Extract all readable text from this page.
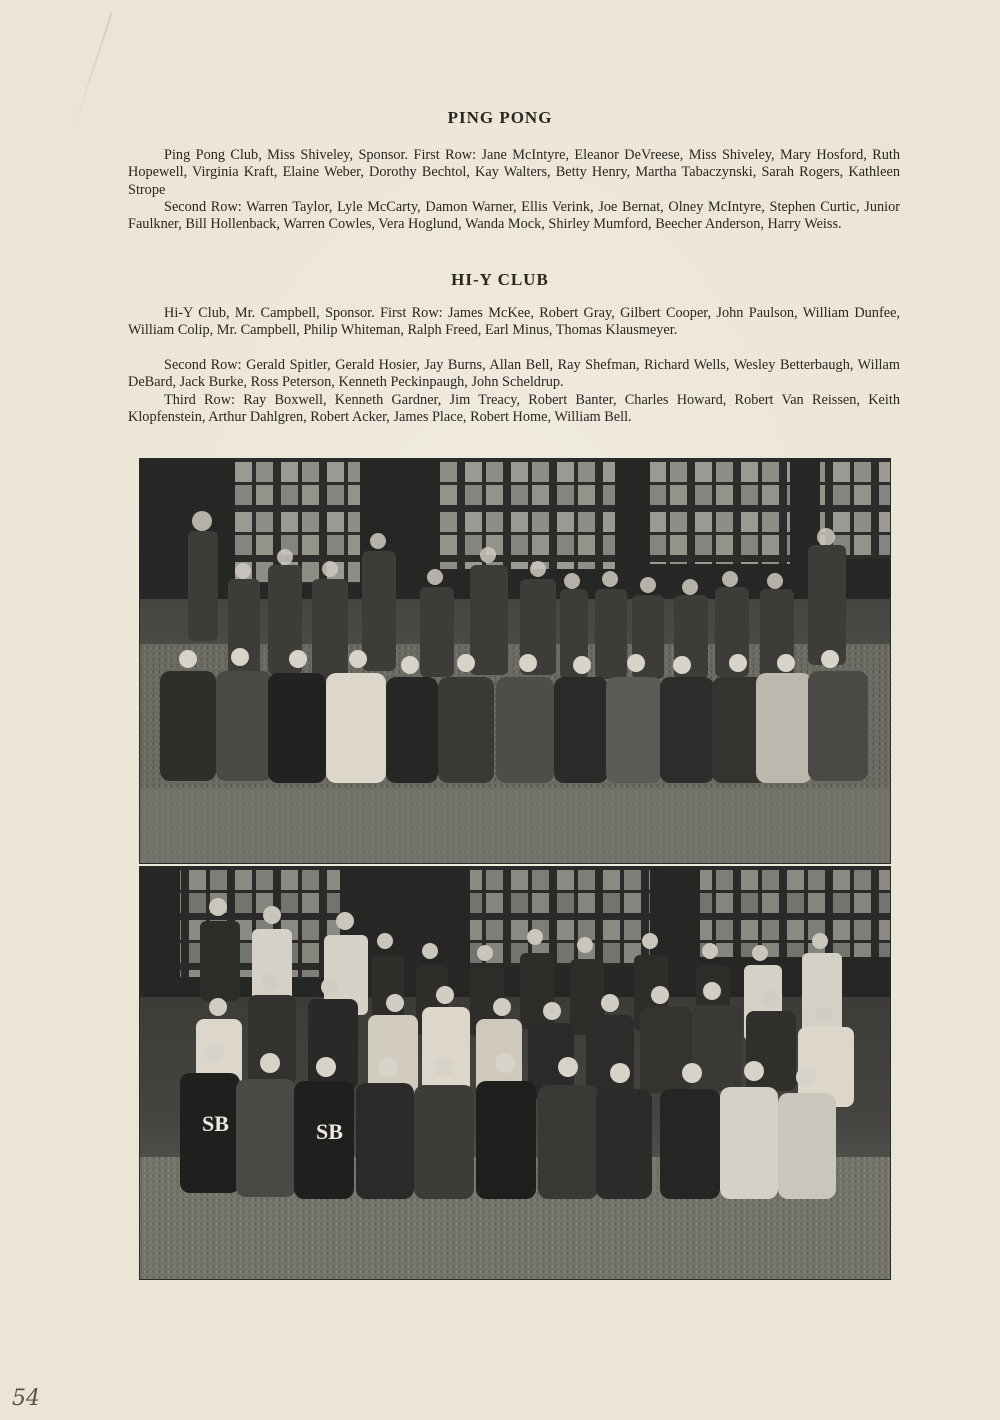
PING PONG

Ping Pong Club, Miss Shiveley, Sponsor. First Row: Jane McIntyre, Eleanor DeVreese, Miss Shiveley, Mary Hosford, Ruth Hopewell, Virginia Kraft, Elaine Weber, Dorothy Bechtol, Kay Walters, Betty Henry, Martha Tabaczynski, Sarah Rogers, Kathleen Strope

Second Row: Warren Taylor, Lyle McCarty, Damon Warner, Ellis Verink, Joe Bernat, Olney McIntyre, Stephen Curtic, Junior Faulkner, Bill Hollenback, Warren Cowles, Vera Hoglund, Wanda Mock, Shirley Mumford, Beecher Anderson, Harry Weiss.

HI-Y CLUB

Hi-Y Club, Mr. Campbell, Sponsor. First Row: James McKee, Robert Gray, Gilbert Cooper, John Paulson, William Dunfee, William Colip, Mr. Campbell, Philip Whiteman, Ralph Freed, Earl Minus, Thomas Klausmeyer.

Second Row: Gerald Spitler, Gerald Hosier, Jay Burns, Allan Bell, Ray Shefman, Richard Wells, Wesley Betterbaugh, Willam DeBard, Jack Burke, Ross Peterson, Kenneth Peckinpaugh, John Scheldrup.

Third Row: Ray Boxwell, Kenneth Gardner, Jim Treacy, Robert Banter, Charles Howard, Robert Van Reissen, Keith Klopfenstein, Arthur Dahlgren, Robert Acker, James Place, Robert Home, William Bell.

SB	SB
54
